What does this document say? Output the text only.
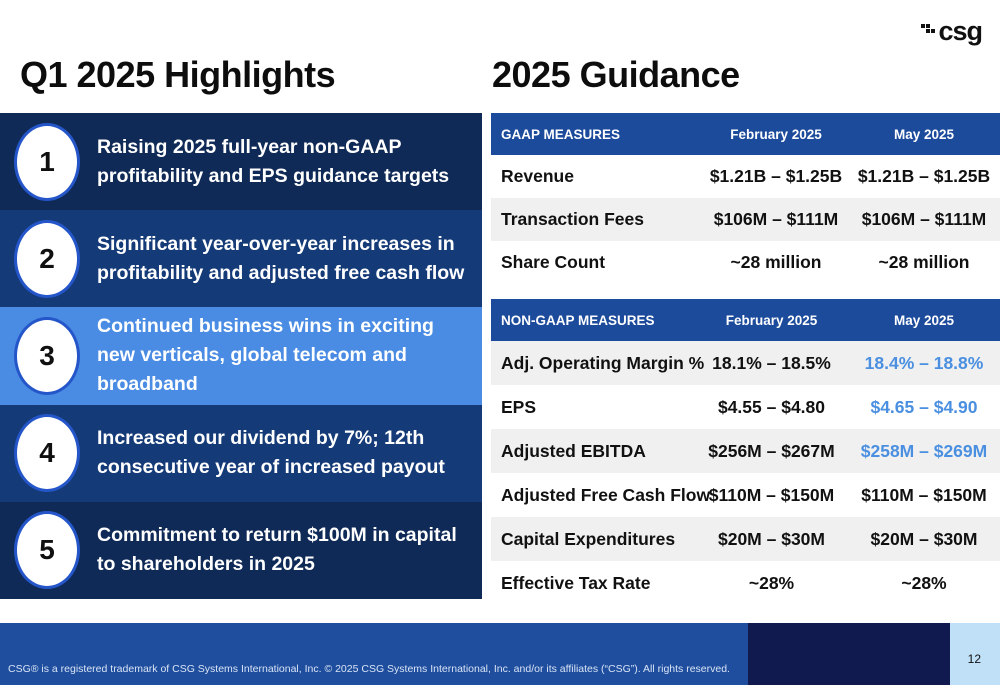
csg
Q1 2025 Highlights	2025 Guidance
1	Raising 2025 full-year non-GAAP profitability and EPS guidance targets
2	Significant year-over-year increases in profitability and adjusted free cash flow
3
Continued business wins in exciting new verticals, global telecom and broadband
4	Increased our dividend by 7%; 12th consecutive year of increased payout
5	Commitment to return $100M in capital to shareholders in 2025
GAAP MEASURES	February 2025	May 2025
Revenue	$1.21B – $1.25B	$1.21B – $1.25B
Transaction Fees	$106M – $111M	$106M – $111M
Share Count	~28 million	~28 million
NON-GAAP MEASURES	February 2025	May 2025
Adj. Operating Margin %	18.1% – 18.5%	18.4% – 18.8%
EPS	$4.55 – $4.80	$4.65 – $4.90
Adjusted EBITDA	$256M – $267M	$258M – $269M
Adjusted Free Cash Flow	$110M – $150M	$110M – $150M
Capital Expenditures	$20M – $30M	$20M – $30M
Effective Tax Rate	~28%	~28%

CSG® is a registered trademark of CSG Systems International, Inc. © 2025 CSG Systems International, Inc. and/or its affiliates (“CSG”). All rights reserved.

12
